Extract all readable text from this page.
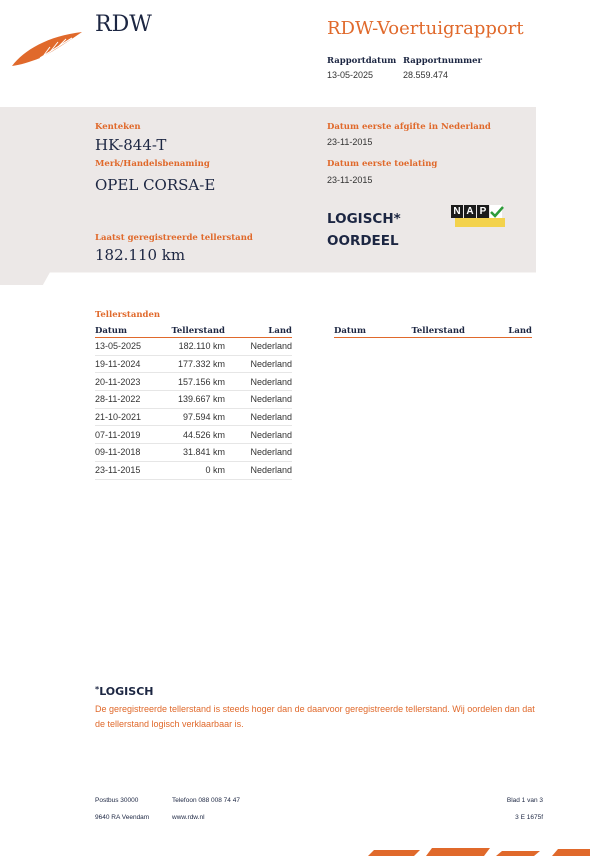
RDW	RDW-Voertuigrapport
Rapportdatum
13-05-2025
Rapportnummer
28.559.474
Kenteken
HK-844-T
Merk/Handelsbenaming
OPEL CORSA-E
Laatst geregistreerde tellerstand
182.110 km
Datum eerste afgifte in Nederland
23-11-2015
Datum eerste toelating
23-11-2015
LOGISCH*
OORDEEL
N A P
Tellerstanden
Datum	Tellerstand	Land
13-05-2025	182.110 km	Nederland
19-11-2024	177.332 km	Nederland
20-11-2023	157.156 km	Nederland
28-11-2022	139.667 km	Nederland
21-10-2021	97.594 km	Nederland
07-11-2019	44.526 km	Nederland
09-11-2018	31.841 km	Nederland
23-11-2015	0 km	Nederland
Datum	Tellerstand	Land
*LOGISCH
De geregistreerde tellerstand is steeds hoger dan de daarvoor geregistreerde tellerstand. Wij oordelen dan dat de tellerstand logisch verklaarbaar is.
Postbus 30000
9640 RA Veendam
Telefoon 088 008 74 47
www.rdw.nl
Blad 1 van 3
3 E 1675f
